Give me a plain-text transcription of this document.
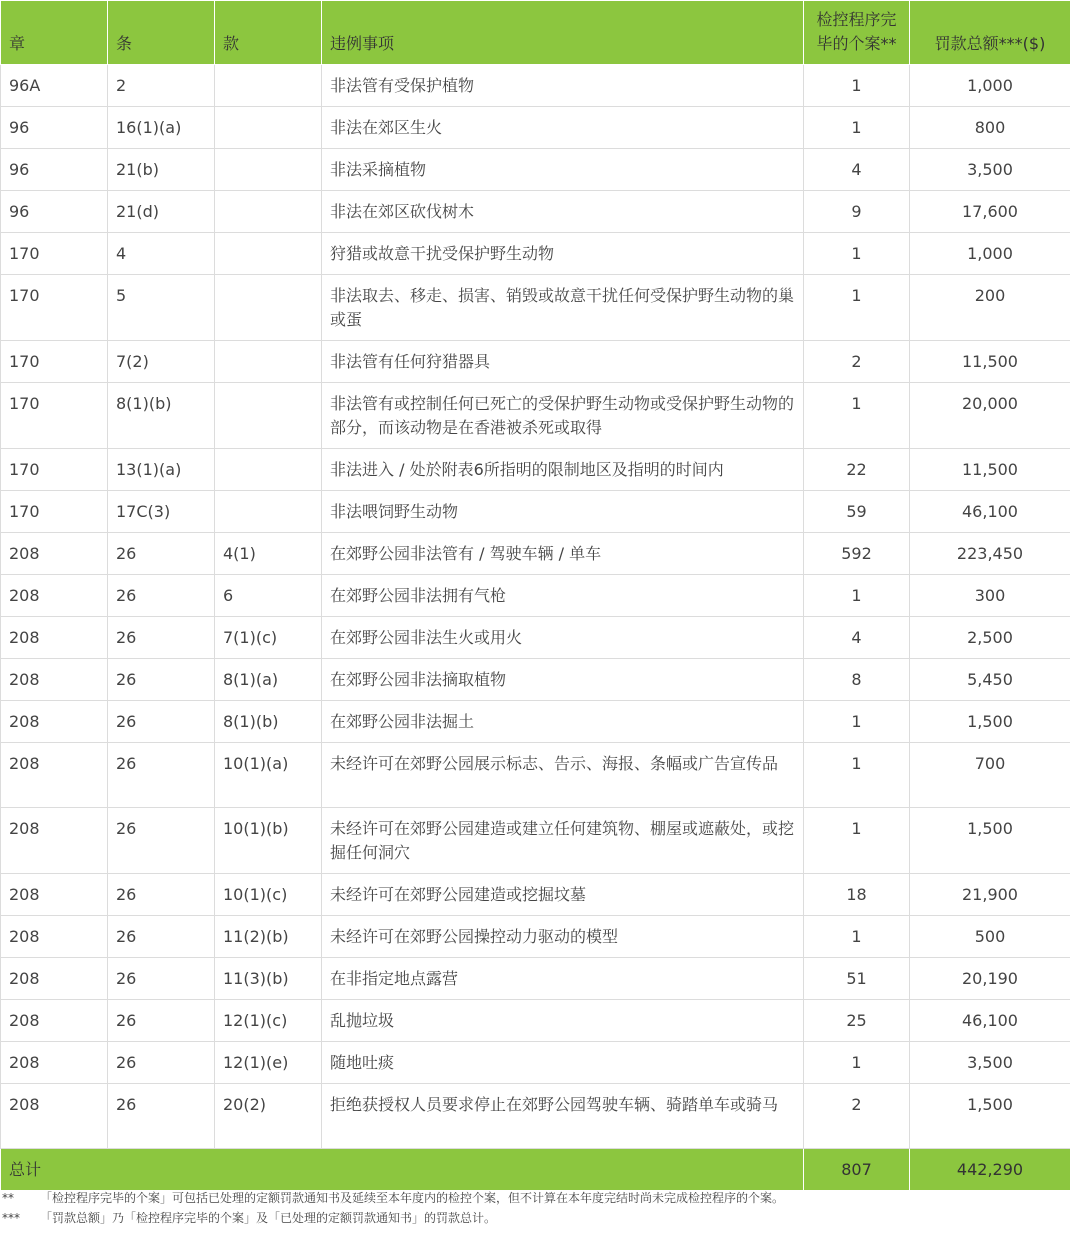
章	条	款	违例事项	检控程序完毕的个案**	罚款总额***($)
96A	2		非法管有受保护植物	1	1,000
96	16(1)(a)		非法在郊区生火	1	800
96	21(b)		非法采摘植物	4	3,500
96	21(d)		非法在郊区砍伐树木	9	17,600
170	4		狩猎或故意干扰受保护野生动物	1	1,000
170	5		非法取去、移走、损害、销毁或故意干扰任何受保护野生动物的巢或蛋	1	200
170	7(2)		非法管有任何狩猎器具	2	11,500
170	8(1)(b)		非法管有或控制任何已死亡的受保护野生动物或受保护野生动物的部分，而该动物是在香港被杀死或取得	1	20,000
170	13(1)(a)		非法进入 / 处於附表6所指明的限制地区及指明的时间内	22	11,500
170	17C(3)		非法喂饲野生动物	59	46,100
208	26	4(1)	在郊野公园非法管有 / 驾驶车辆 / 单车	592	223,450
208	26	6	在郊野公园非法拥有气枪	1	300
208	26	7(1)(c)	在郊野公园非法生火或用火	4	2,500
208	26	8(1)(a)	在郊野公园非法摘取植物	8	5,450
208	26	8(1)(b)	在郊野公园非法掘土	1	1,500
208	26	10(1)(a)	未经许可在郊野公园展示标志、告示、海报、条幅或广告宣传品	1	700
208	26	10(1)(b)	未经许可在郊野公园建造或建立任何建筑物、棚屋或遮蔽处，或挖掘任何洞穴	1	1,500
208	26	10(1)(c)	未经许可在郊野公园建造或挖掘坟墓	18	21,900
208	26	11(2)(b)	未经许可在郊野公园操控动力驱动的模型	1	500
208	26	11(3)(b)	在非指定地点露营	51	20,190
208	26	12(1)(c)	乱抛垃圾	25	46,100
208	26	12(1)(e)	随地吐痰	1	3,500
208	26	20(2)	拒绝获授权人员要求停止在郊野公园驾驶车辆、骑踏单车或骑马	2	1,500
总计				807	442,290
**	「检控程序完毕的个案」可包括已处理的定额罚款通知书及延续至本年度内的检控个案，但不计算在本年度完结时尚未完成检控程序的个案。
***	「罚款总额」乃「检控程序完毕的个案」及「已处理的定额罚款通知书」的罚款总计。
